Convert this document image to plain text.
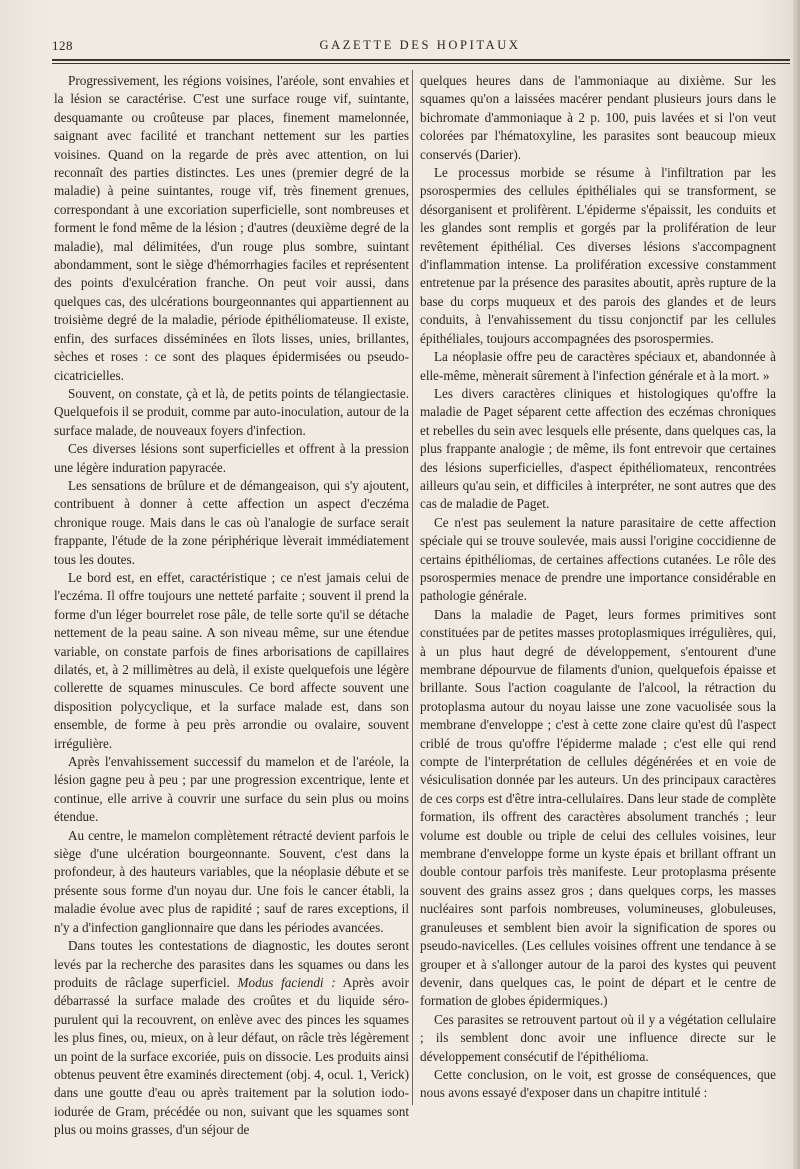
128	GAZETTE DES HOPITAUX

Progressivement, les régions voisines, l'aréole, sont envahies et la lésion se caractérise. C'est une surface rouge vif, suintante, desquamante ou croûteuse par places, finement mamelonnée, saignant avec facilité et tranchant nettement sur les parties voisines. Quand on la regarde de près avec attention, on lui reconnaît des parties distinctes. Les unes (premier degré de la maladie) à peine suintantes, rouge vif, très finement grenues, correspondant à une excoriation superficielle, sont nombreuses et forment le fond même de la lésion ; d'autres (deuxième degré de la maladie), mal délimitées, d'un rouge plus sombre, suintant abondamment, sont le siège d'hémorrhagies faciles et représentent des points d'exulcération franche. On peut voir aussi, dans quelques cas, des ulcérations bourgeonnantes qui appartiennent au troisième degré de la maladie, période épithéliomateuse. Il existe, enfin, des surfaces disséminées en îlots lisses, unies, brillantes, sèches et roses : ce sont des plaques épidermisées ou pseudo-cicatricielles.

Souvent, on constate, çà et là, de petits points de télangiectasie. Quelquefois il se produit, comme par auto-inoculation, autour de la surface malade, de nouveaux foyers d'infection.

Ces diverses lésions sont superficielles et offrent à la pression une légère induration papyracée.

Les sensations de brûlure et de démangeaison, qui s'y ajoutent, contribuent à donner à cette affection un aspect d'eczéma chronique rouge. Mais dans le cas où l'analogie de surface serait frappante, l'étude de la zone périphérique lèverait immédiatement tous les doutes.

Le bord est, en effet, caractéristique ; ce n'est jamais celui de l'eczéma. Il offre toujours une netteté parfaite ; souvent il prend la forme d'un léger bourrelet rose pâle, de telle sorte qu'il se détache nettement de la peau saine. A son niveau même, sur une étendue variable, on constate parfois de fines arborisations de capillaires dilatés, et, à 2 millimètres au delà, il existe quelquefois une légère collerette de squames minuscules. Ce bord affecte souvent une disposition polycyclique, et la surface malade est, dans son ensemble, de forme à peu près arrondie ou ovalaire, souvent irrégulière.

Après l'envahissement successif du mamelon et de l'aréole, la lésion gagne peu à peu ; par une progression excentrique, lente et continue, elle arrive à couvrir une surface du sein plus ou moins étendue.

Au centre, le mamelon complètement rétracté devient parfois le siège d'une ulcération bourgeonnante. Souvent, c'est dans la profondeur, à des hauteurs variables, que la néoplasie débute et se présente sous forme d'un noyau dur. Une fois le cancer établi, la maladie évolue avec plus de rapidité ; sauf de rares exceptions, il n'y a d'infection ganglionnaire que dans les périodes avancées.

Dans toutes les contestations de diagnostic, les doutes seront levés par la recherche des parasites dans les squames ou dans les produits de râclage superficiel. Modus faciendi : Après avoir débarrassé la surface malade des croûtes et du liquide séro-purulent qui la recouvrent, on enlève avec des pinces les squames les plus fines, ou, mieux, on à leur défaut, on râcle très légèrement un point de la surface excoriée, puis on dissocie. Les produits ainsi obtenus peuvent être examinés directement (obj. 4, ocul. 1, Verick) dans une goutte d'eau ou après traitement par la solution iodo-iodurée de Gram, précédée ou non, suivant que les squames sont plus ou moins grasses, d'un séjour de

quelques heures dans de l'ammoniaque au dixième. Sur les squames qu'on a laissées macérer pendant plusieurs jours dans le bichromate d'ammoniaque à 2 p. 100, puis lavées et si l'on veut colorées par l'hématoxyline, les parasites sont beaucoup mieux conservés (Darier).

Le processus morbide se résume à l'infiltration par les psorospermies des cellules épithéliales qui se transforment, se désorganisent et prolifèrent. L'épiderme s'épaissit, les conduits et les glandes sont remplis et gorgés par la prolifération de leur revêtement épithélial. Ces diverses lésions s'accompagnent d'inflammation intense. La prolifération excessive constamment entretenue par la présence des parasites aboutit, après rupture de la base du corps muqueux et des parois des glandes et de leurs conduits, à l'envahissement du tissu conjonctif par les cellules épithéliales, toujours accompagnées des psorospermies.

La néoplasie offre peu de caractères spéciaux et, abandonnée à elle-même, mènerait sûrement à l'infection générale et à la mort. »

Les divers caractères cliniques et histologiques qu'offre la maladie de Paget séparent cette affection des eczémas chroniques et rebelles du sein avec lesquels elle présente, dans quelques cas, la plus frappante analogie ; de même, ils font entrevoir que certaines des lésions superficielles, d'aspect épithéliomateux, rencontrées ailleurs qu'au sein, et difficiles à interpréter, ne sont autres que des cas de maladie de Paget.

Ce n'est pas seulement la nature parasitaire de cette affection spéciale qui se trouve soulevée, mais aussi l'origine coccidienne de certains épithéliomas, de certaines affections cutanées. Le rôle des psorospermies menace de prendre une importance considérable en pathologie générale.

Dans la maladie de Paget, leurs formes primitives sont constituées par de petites masses protoplasmiques irrégulières, qui, à un plus haut degré de développement, s'entourent d'une membrane dépourvue de filaments d'union, quelquefois épaisse et brillante. Sous l'action coagulante de l'alcool, la rétraction du protoplasma autour du noyau laisse une zone vacuolisée sous la membrane d'enveloppe ; c'est à cette zone claire qu'est dû l'aspect criblé de trous qu'offre l'épiderme malade ; c'est elle qui rend compte de l'interprétation de cellules dégénérées et en voie de vésiculisation donnée par les auteurs. Un des principaux caractères de ces corps est d'être intra-cellulaires. Dans leur stade de complète formation, ils offrent des caractères absolument tranchés ; leur volume est double ou triple de celui des cellules voisines, leur membrane d'enveloppe forme un kyste épais et brillant offrant un double contour parfois très manifeste. Leur protoplasma présente souvent des grains assez gros ; dans quelques corps, les masses nucléaires sont parfois nombreuses, volumineuses, globuleuses, granuleuses et semblent bien avoir la signification de spores ou pseudo-navicelles. (Les cellules voisines offrent une tendance à se grouper et à s'allonger autour de la paroi des kystes qui peuvent devenir, dans quelques cas, le point de départ et le centre de formation de globes épidermiques.)

Ces parasites se retrouvent partout où il y a végétation cellulaire ; ils semblent donc avoir une influence directe sur le développement consécutif de l'épithélioma.

Cette conclusion, on le voit, est grosse de conséquences, que nous avons essayé d'exposer dans un chapitre intitulé :
